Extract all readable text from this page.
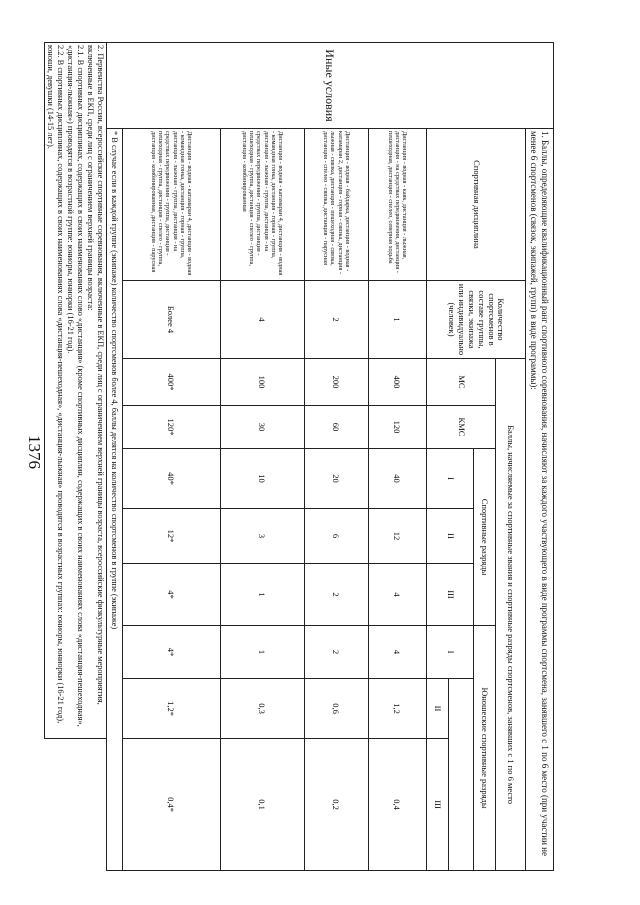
1376
Иные условия	1. Баллы, определяющие квалификационный ранг спортивного соревнования, начисляют за каждого участвующего в виде программы спортсмена, занявшего с 1 по 6 место (при участии не менее 6 спортсменов (связок, экипажей, групп) в виде программы):									
	Спортивная дисциплина	Количество спортсменов в составе группы, связки, экипажа или индивидуально (человек)	Баллы, начисляемые за спортивные звания и спортивные разряды спортсменов, занявших с 1 по 6 место							
			МС	КМС	Спортивные разряды			Юношеские спортивные разряды		
					I	II	III	I		
									II	III
	Дистанция - водная - каяк, дистанция - лыжная, дистанция - на средствах передвижения, дистанция - пешеходная, дистанция - спелео, северная ходьба	1	400	120	40	12	4	4	1,2	0,4
	Дистанция - водная - байдарка, дистанция - водная - катамаран 2, дистанция - горная - связка, дистанция - лыжная - связка, дистанция - пешеходная - связка, дистанция - спелео - связка, дистанция - парусная	2	200	60	20	6	2	2	0,6	0,2
	Дистанция - водная - катамаран 4, дистанция - водная - командная гонка, дистанция - горная - группа, дистанция - лыжная - группа, дистанция - на средствах передвижения - группа, дистанция - пешеходная - группа, дистанция - спелео - группа, дистанция - комбинированная	4	100	30	10	3	1	1	0,3	0,1
	Дистанция - водная - катамаран 4, дистанция - водная - командная гонка, дистанция - горная - группа, дистанция - лыжная - группа, дистанция - на средствах передвижения - группа, дистанция - пешеходная - группа, дистанция - спелео - группа, дистанция - комбинированная, дистанция - парусная	Более 4	400*	120*	40*	12*	4*	4*	1,2*	0,4*
	* В случае если в каждой группе (экипаже) количество спортсменов более 4, баллы делятся на количество спортсменов в группе (экипаже)									

2. Первенства России, всероссийские спортивные соревнования, включенные в ЕКП, среди лиц с ограничением верхней границы возраста, всероссийские физкультурные мероприятия, включенные в ЕКП, среди лиц с ограничением верхней границы возраста:
2.1. В спортивных дисциплинах, содержащих в своих наименованиях слово «дистанция» (кроме спортивных дисциплин, содержащих в своих наименованиях слова «дистанция-пешеходная», «дистанция-лыжная») проводятся в возрастной группе: юниоры, юниорки (16-21 год).
2.2. В спортивных дисциплинах, содержащих в своих наименованиях слова «дистанция-пешеходная», «дистанция-лыжная» проводятся в возрастных группах: юниоры, юниорки (16-21 год), юноши, девушки (14-15 лет).										
